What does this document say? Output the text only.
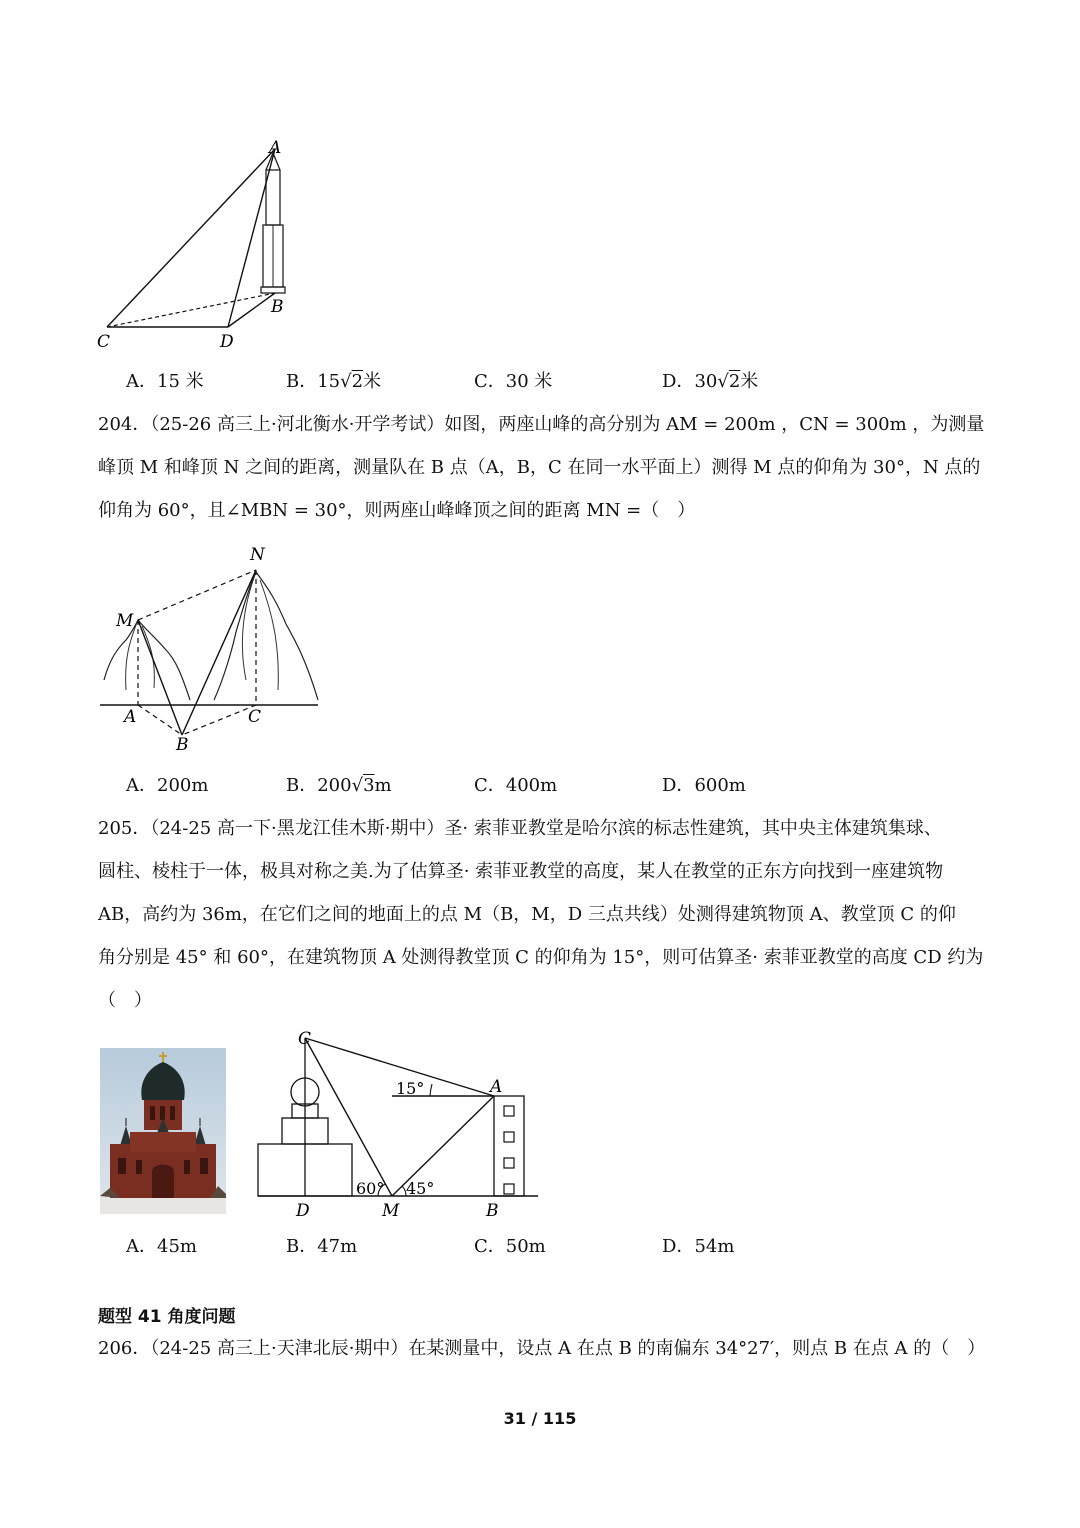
A
B
C	D
A．15 米	B．15√2米	C．30 米	D．30√2米
204．（25-26 高三上·河北衡水·开学考试）如图，两座山峰的高分别为 AM = 200m ，CN = 300m ，为测量
峰顶 M 和峰顶 N 之间的距离，测量队在 B 点（A，B，C 在同一水平面上）测得 M 点的仰角为 30°，N 点的
仰角为 60°，且∠MBN = 30°，则两座山峰峰顶之间的距离 MN =（　）
N
M
A	C
B
A．200m	B．200√3m	C．400m	D．600m
205．（24-25 高一下·黑龙江佳木斯·期中）圣· 索菲亚教堂是哈尔滨的标志性建筑，其中央主体建筑集球、
圆柱、棱柱于一体，极具对称之美.为了估算圣· 索菲亚教堂的高度，某人在教堂的正东方向找到一座建筑物
AB，高约为 36m，在它们之间的地面上的点 M（B，M，D 三点共线）处测得建筑物顶 A、教堂顶 C 的仰
角分别是 45° 和 60°，在建筑物顶 A 处测得教堂顶 C 的仰角为 15°，则可估算圣· 索菲亚教堂的高度 CD 约为
（　）
C
A
15°
60° 45°
D	M	B
A．45m	B．47m	C．50m	D．54m
题型 41 角度问题
206．（24-25 高三上·天津北辰·期中）在某测量中，设点 A 在点 B 的南偏东 34°27′，则点 B 在点 A 的（　）
31 / 115
